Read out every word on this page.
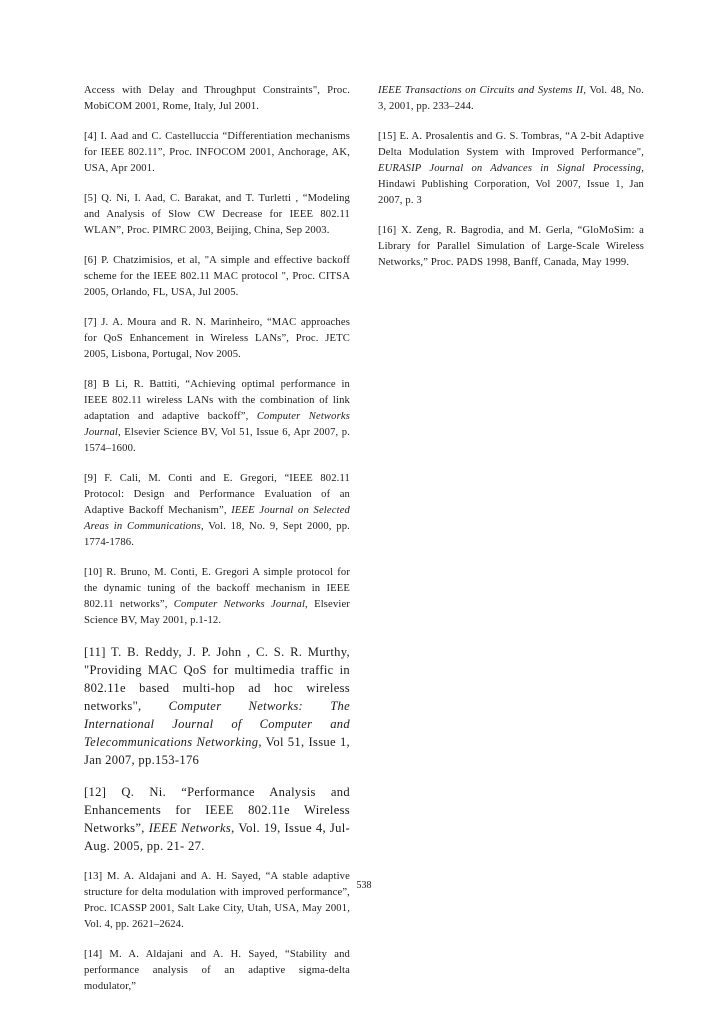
Access with Delay and Throughput Constraints", Proc. MobiCOM 2001, Rome, Italy, Jul 2001.

[4] I. Aad and C. Castelluccia “Differentiation mechanisms for IEEE 802.11”, Proc. INFOCOM 2001, Anchorage, AK, USA, Apr 2001.

[5] Q. Ni, I. Aad, C. Barakat, and T. Turletti , “Modeling and Analysis of Slow CW Decrease for IEEE 802.11 WLAN”, Proc. PIMRC 2003, Beijing, China, Sep 2003.

[6] P. Chatzimisios, et al, "A simple and effective backoff scheme for the IEEE 802.11 MAC protocol ", Proc. CITSA 2005, Orlando, FL, USA, Jul 2005.

[7] J. A. Moura and R. N. Marinheiro, “MAC approaches for QoS Enhancement in Wireless LANs”, Proc. JETC 2005, Lisbona, Portugal, Nov 2005.

[8] B Li, R. Battiti, “Achieving optimal performance in IEEE 802.11 wireless LANs with the combination of link adaptation and adaptive backoff”, Computer Networks Journal, Elsevier Science BV, Vol 51, Issue 6, Apr 2007, p. 1574–1600.

[9] F. Cali, M. Conti and E. Gregori, “IEEE 802.11 Protocol: Design and Performance Evaluation of an Adaptive Backoff Mechanism”, IEEE Journal on Selected Areas in Communications, Vol. 18, No. 9, Sept 2000, pp. 1774-1786.

[10] R. Bruno, M. Conti, E. Gregori A simple protocol for the dynamic tuning of the backoff mechanism in IEEE 802.11 networks”, Computer Networks Journal, Elsevier Science BV, May 2001, p.1-12.

[11] T. B. Reddy, J. P. John , C. S. R. Murthy, "Providing MAC QoS for multimedia traffic in 802.11e based multi-hop ad hoc wireless networks", Computer Networks: The International Journal of Computer and Telecommunications Networking, Vol 51, Issue 1, Jan 2007, pp.153-176

[12] Q. Ni. “Performance Analysis and Enhancements for IEEE 802.11e Wireless Networks”, IEEE Networks, Vol. 19, Issue 4, Jul-Aug. 2005, pp. 21- 27.

[13] M. A. Aldajani and A. H. Sayed, “A stable adaptive structure for delta modulation with improved performance”, Proc. ICASSP 2001, Salt Lake City, Utah, USA, May 2001, Vol. 4, pp. 2621–2624.

[14] M. A. Aldajani and A. H. Sayed, “Stability and performance analysis of an adaptive sigma-delta modulator,”

IEEE Transactions on Circuits and Systems II, Vol. 48, No. 3, 2001, pp. 233–244.

[15] E. A. Prosalentis and G. S. Tombras, “A 2-bit Adaptive Delta Modulation System with Improved Performance", EURASIP Journal on Advances in Signal Processing, Hindawi Publishing Corporation, Vol 2007, Issue 1, Jan 2007, p. 3

[16] X. Zeng, R. Bagrodia, and M. Gerla, “GloMoSim: a Library for Parallel Simulation of Large-Scale Wireless Networks,” Proc. PADS 1998, Banff, Canada, May 1999.

538
